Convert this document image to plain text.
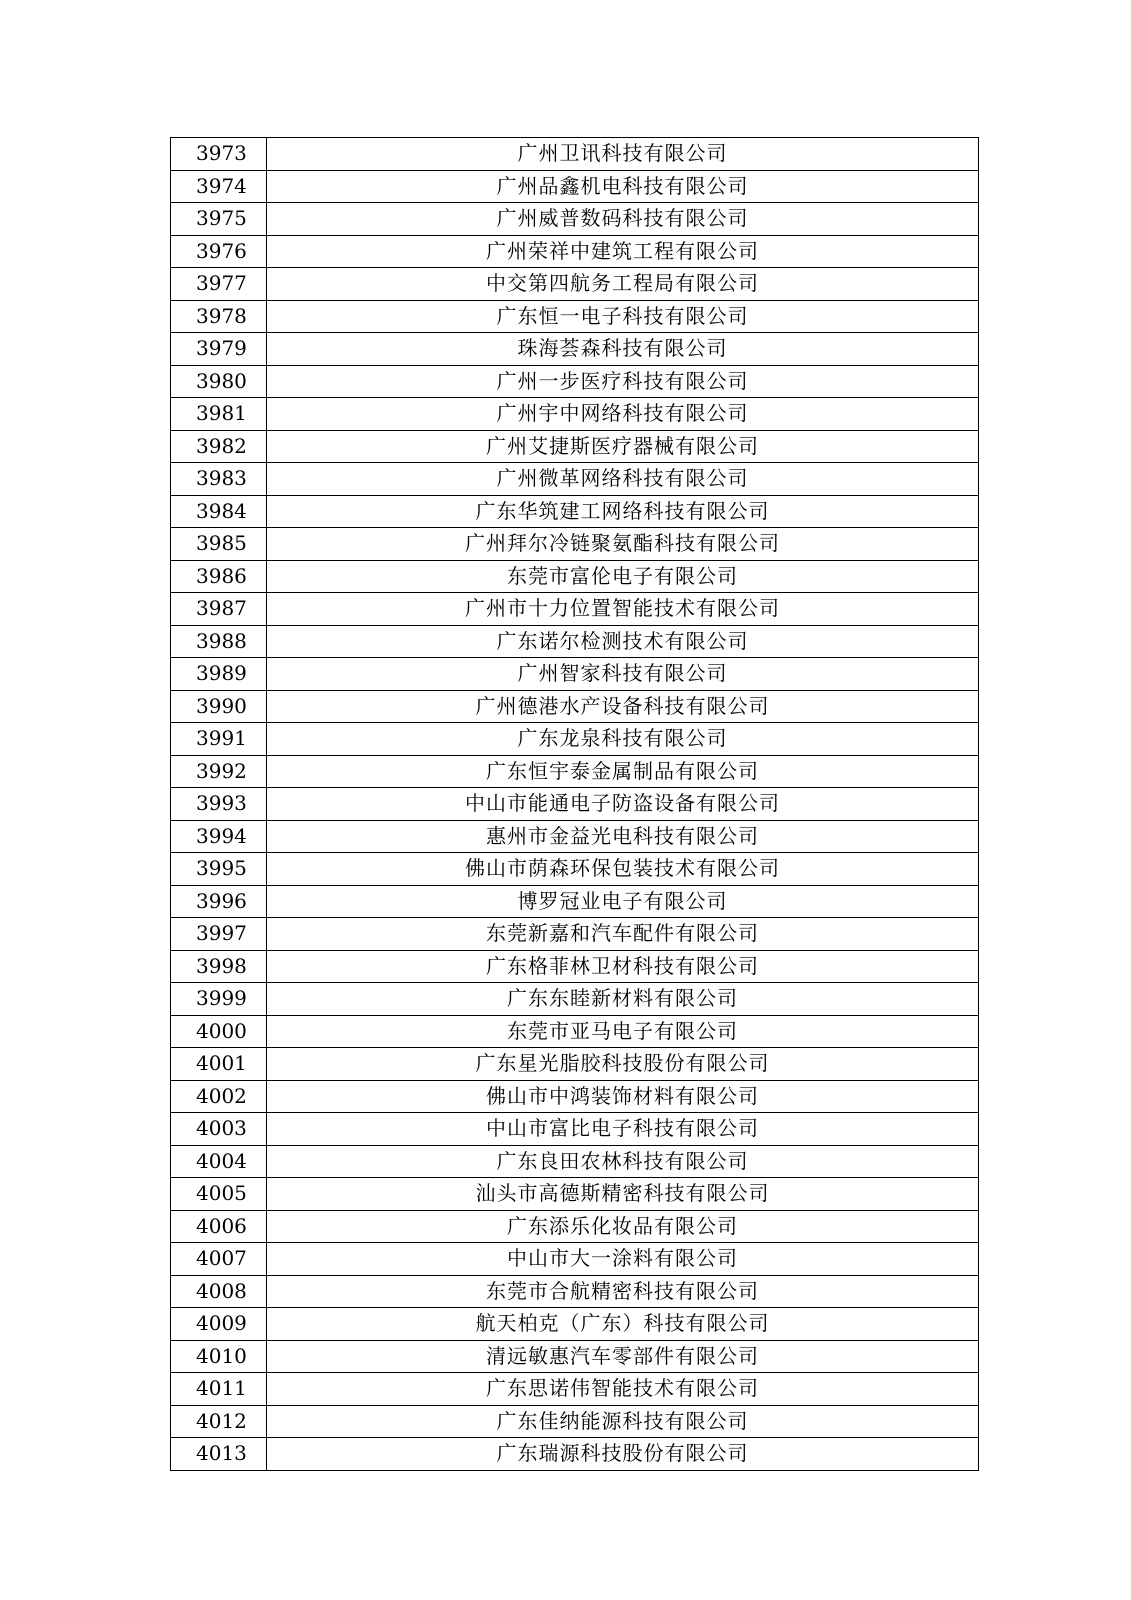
3973	广州卫讯科技有限公司
3974	广州品鑫机电科技有限公司
3975	广州威普数码科技有限公司
3976	广州荣祥中建筑工程有限公司
3977	中交第四航务工程局有限公司
3978	广东恒一电子科技有限公司
3979	珠海荟森科技有限公司
3980	广州一步医疗科技有限公司
3981	广州宇中网络科技有限公司
3982	广州艾捷斯医疗器械有限公司
3983	广州微革网络科技有限公司
3984	广东华筑建工网络科技有限公司
3985	广州拜尔冷链聚氨酯科技有限公司
3986	东莞市富伦电子有限公司
3987	广州市十力位置智能技术有限公司
3988	广东诺尔检测技术有限公司
3989	广州智家科技有限公司
3990	广州德港水产设备科技有限公司
3991	广东龙泉科技有限公司
3992	广东恒宇泰金属制品有限公司
3993	中山市能通电子防盗设备有限公司
3994	惠州市金益光电科技有限公司
3995	佛山市荫森环保包装技术有限公司
3996	博罗冠业电子有限公司
3997	东莞新嘉和汽车配件有限公司
3998	广东格菲林卫材科技有限公司
3999	广东东睦新材料有限公司
4000	东莞市亚马电子有限公司
4001	广东星光脂胶科技股份有限公司
4002	佛山市中鸿装饰材料有限公司
4003	中山市富比电子科技有限公司
4004	广东良田农林科技有限公司
4005	汕头市高德斯精密科技有限公司
4006	广东添乐化妆品有限公司
4007	中山市大一涂料有限公司
4008	东莞市合航精密科技有限公司
4009	航天柏克（广东）科技有限公司
4010	清远敏惠汽车零部件有限公司
4011	广东思诺伟智能技术有限公司
4012	广东佳纳能源科技有限公司
4013	广东瑞源科技股份有限公司
